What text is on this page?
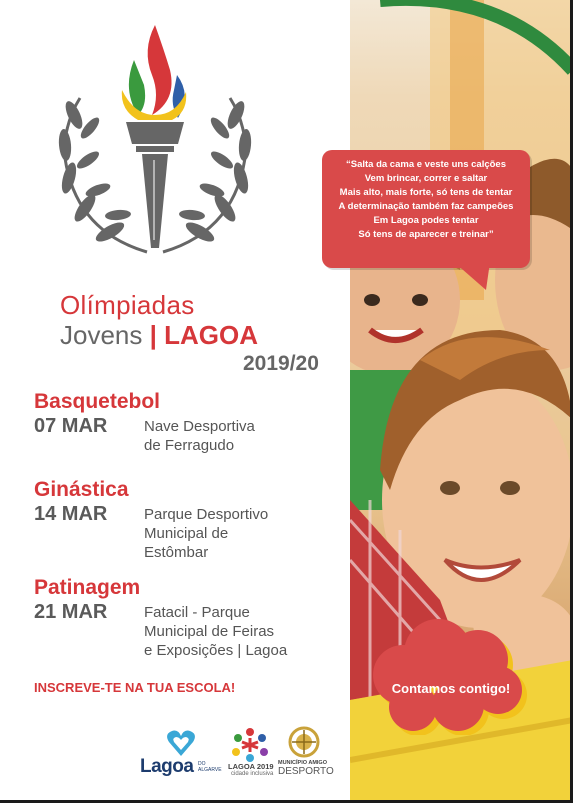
Olímpiadas
Jovens | LAGOA
2019/20
Basquetebol
07 MAR Nave Desportiva
de Ferragudo
Ginástica
14 MAR Parque Desportivo
Municipal de
Estômbar
Patinagem
21 MAR Fatacil - Parque
Municipal de Feiras
e Exposições | Lagoa
INSCREVE-TE NA TUA ESCOLA!
“Salta da cama e veste uns calções
Vem brincar, correr e saltar
Mais alto, mais forte, só tens de tentar
A determinação também faz campeões
Em Lagoa podes tentar
Só tens de aparecer e treinar”
Contamos contigo!
Lagoa DO ALGARVE LAGOA 2019
cidade inclusiva
MUNICÍPIO AMIGO
DESPORTO
